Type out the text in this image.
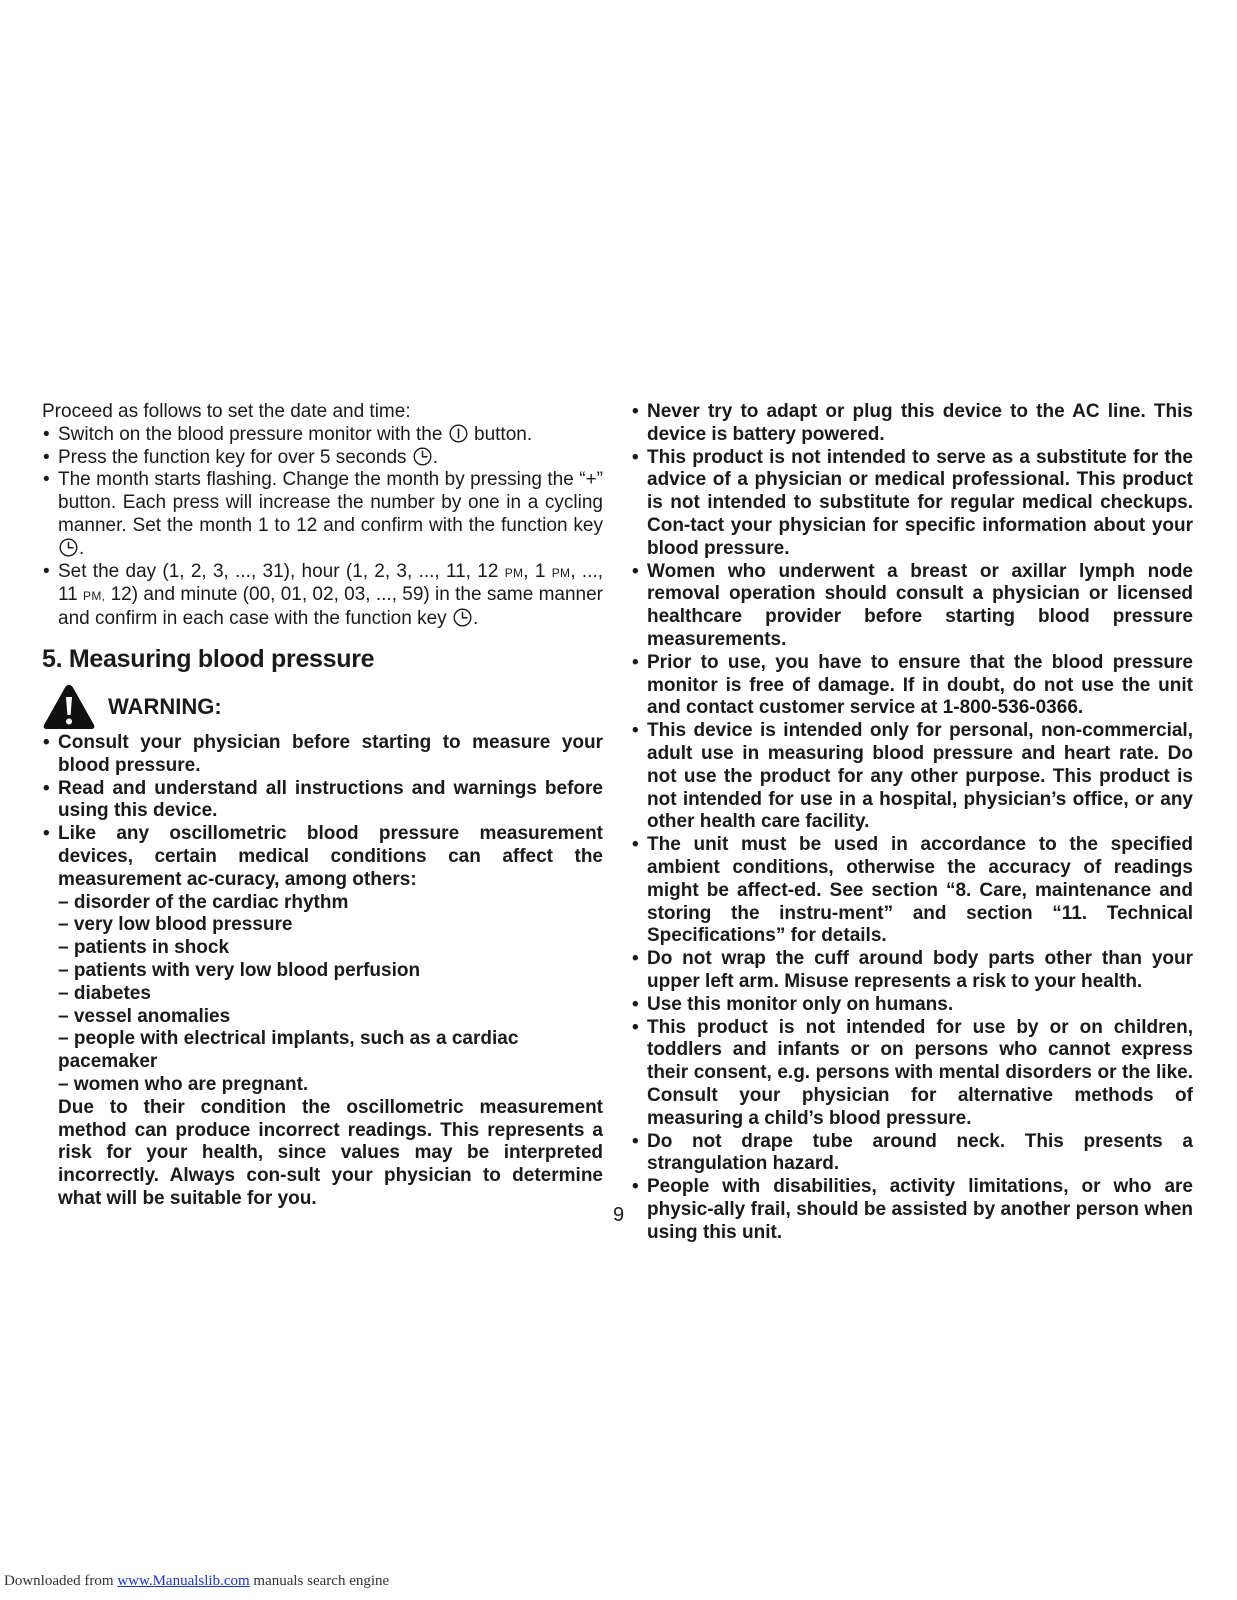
Proceed as follows to set the date and time:

• Switch on the blood pressure monitor with the button.
• Press the function key for over 5 seconds .
• The month starts flashing. Change the month by pressing the “+” button. Each press will increase the number by one in a cycling manner. Set the month 1 to 12 and confirm with the function key .
• Set the day (1, 2, 3, ..., 31), hour (1, 2, 3, ..., 11, 12 PM, 1 PM, ..., 11 PM, 12) and minute (00, 01, 02, 03, ..., 59) in the same manner and confirm in each case with the function key .
5. Measuring blood pressure
WARNING:
• Consult your physician before starting to measure your blood pressure.
• Read and understand all instructions and warnings before using this device.
• Like any oscillometric blood pressure measurement devices, certain medical conditions can affect the measurement ac-curacy, among others:
– disorder of the cardiac rhythm
– very low blood pressure
– patients in shock
– patients with very low blood perfusion
– diabetes
– vessel anomalies
– people with electrical implants, such as a cardiac pacemaker
– women who are pregnant.
Due to their condition the oscillometric measurement method can produce incorrect readings. This represents a risk for your health, since values may be interpreted incorrectly. Always con-sult your physician to determine what will be suitable for you.
• Never try to adapt or plug this device to the AC line. This device is battery powered.
• This product is not intended to serve as a substitute for the advice of a physician or medical professional. This product is not intended to substitute for regular medical checkups. Con-tact your physician for specific information about your blood pressure.
• Women who underwent a breast or axillar lymph node removal operation should consult a physician or licensed healthcare provider before starting blood pressure measurements.
• Prior to use, you have to ensure that the blood pressure monitor is free of damage. If in doubt, do not use the unit and contact customer service at 1-800-536-0366.
• This device is intended only for personal, non-commercial, adult use in measuring blood pressure and heart rate. Do not use the product for any other purpose. This product is not intended for use in a hospital, physician’s office, or any other health care facility.
• The unit must be used in accordance to the specified ambient conditions, otherwise the accuracy of readings might be affect-ed. See section “8. Care, maintenance and storing the instru-ment” and section “11. Technical Specifications” for details.
• Do not wrap the cuff around body parts other than your upper left arm. Misuse represents a risk to your health.
• Use this monitor only on humans.
• This product is not intended for use by or on children, toddlers and infants or on persons who cannot express their consent, e.g. persons with mental disorders or the like. Consult your physician for alternative methods of measuring a child’s blood pressure.
• Do not drape tube around neck. This presents a strangulation hazard.
• People with disabilities, activity limitations, or who are physic-ally frail, should be assisted by another person when using this unit.
9
Downloaded from www.Manualslib.com manuals search engine
